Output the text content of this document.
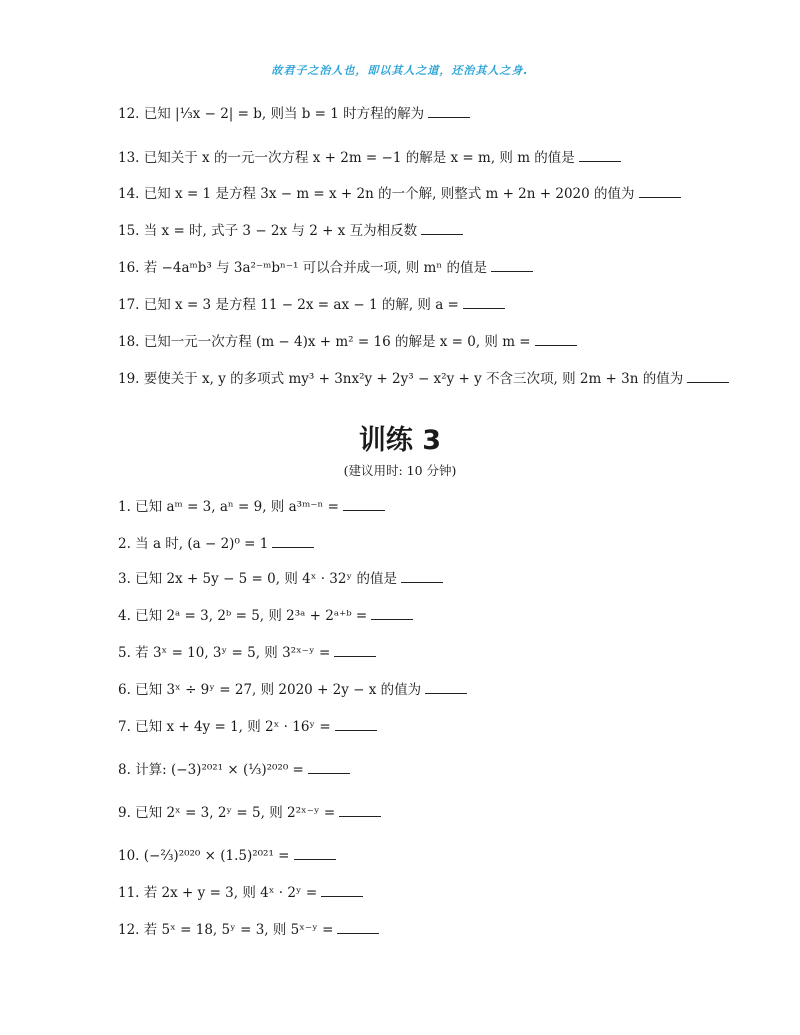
故君子之治人也，即以其人之道，还治其人之身.
12. 已知 |⅓x − 2| = b, 则当 b = 1 时方程的解为
13. 已知关于 x 的一元一次方程 x + 2m = −1 的解是 x = m, 则 m 的值是
14. 已知 x = 1 是方程 3x − m = x + 2n 的一个解, 则整式 m + 2n + 2020 的值为
15. 当 x = 时, 式子 3 − 2x 与 2 + x 互为相反数
16. 若 −4aᵐb³ 与 3a²⁻ᵐbⁿ⁻¹ 可以合并成一项, 则 mⁿ 的值是
17. 已知 x = 3 是方程 11 − 2x = ax − 1 的解, 则 a =
18. 已知一元一次方程 (m − 4)x + m² = 16 的解是 x = 0, 则 m =
19. 要使关于 x, y 的多项式 my³ + 3nx²y + 2y³ − x²y + y 不含三次项, 则 2m + 3n 的值为
训练 3
(建议用时: 10 分钟)
1. 已知 aᵐ = 3, aⁿ = 9, 则 a³ᵐ⁻ⁿ =
2. 当 a 时, (a − 2)⁰ = 1
3. 已知 2x + 5y − 5 = 0, 则 4ˣ · 32ʸ 的值是
4. 已知 2ᵃ = 3, 2ᵇ = 5, 则 2³ᵃ + 2ᵃ⁺ᵇ =
5. 若 3ˣ = 10, 3ʸ = 5, 则 3²ˣ⁻ʸ =
6. 已知 3ˣ ÷ 9ʸ = 27, 则 2020 + 2y − x 的值为
7. 已知 x + 4y = 1, 则 2ˣ · 16ʸ =
8. 计算: (−3)²⁰²¹ × (⅓)²⁰²⁰ =
9. 已知 2ˣ = 3, 2ʸ = 5, 则 2²ˣ⁻ʸ =
10. (−⅔)²⁰²⁰ × (1.5)²⁰²¹ =
11. 若 2x + y = 3, 则 4ˣ · 2ʸ =
12. 若 5ˣ = 18, 5ʸ = 3, 则 5ˣ⁻ʸ =
